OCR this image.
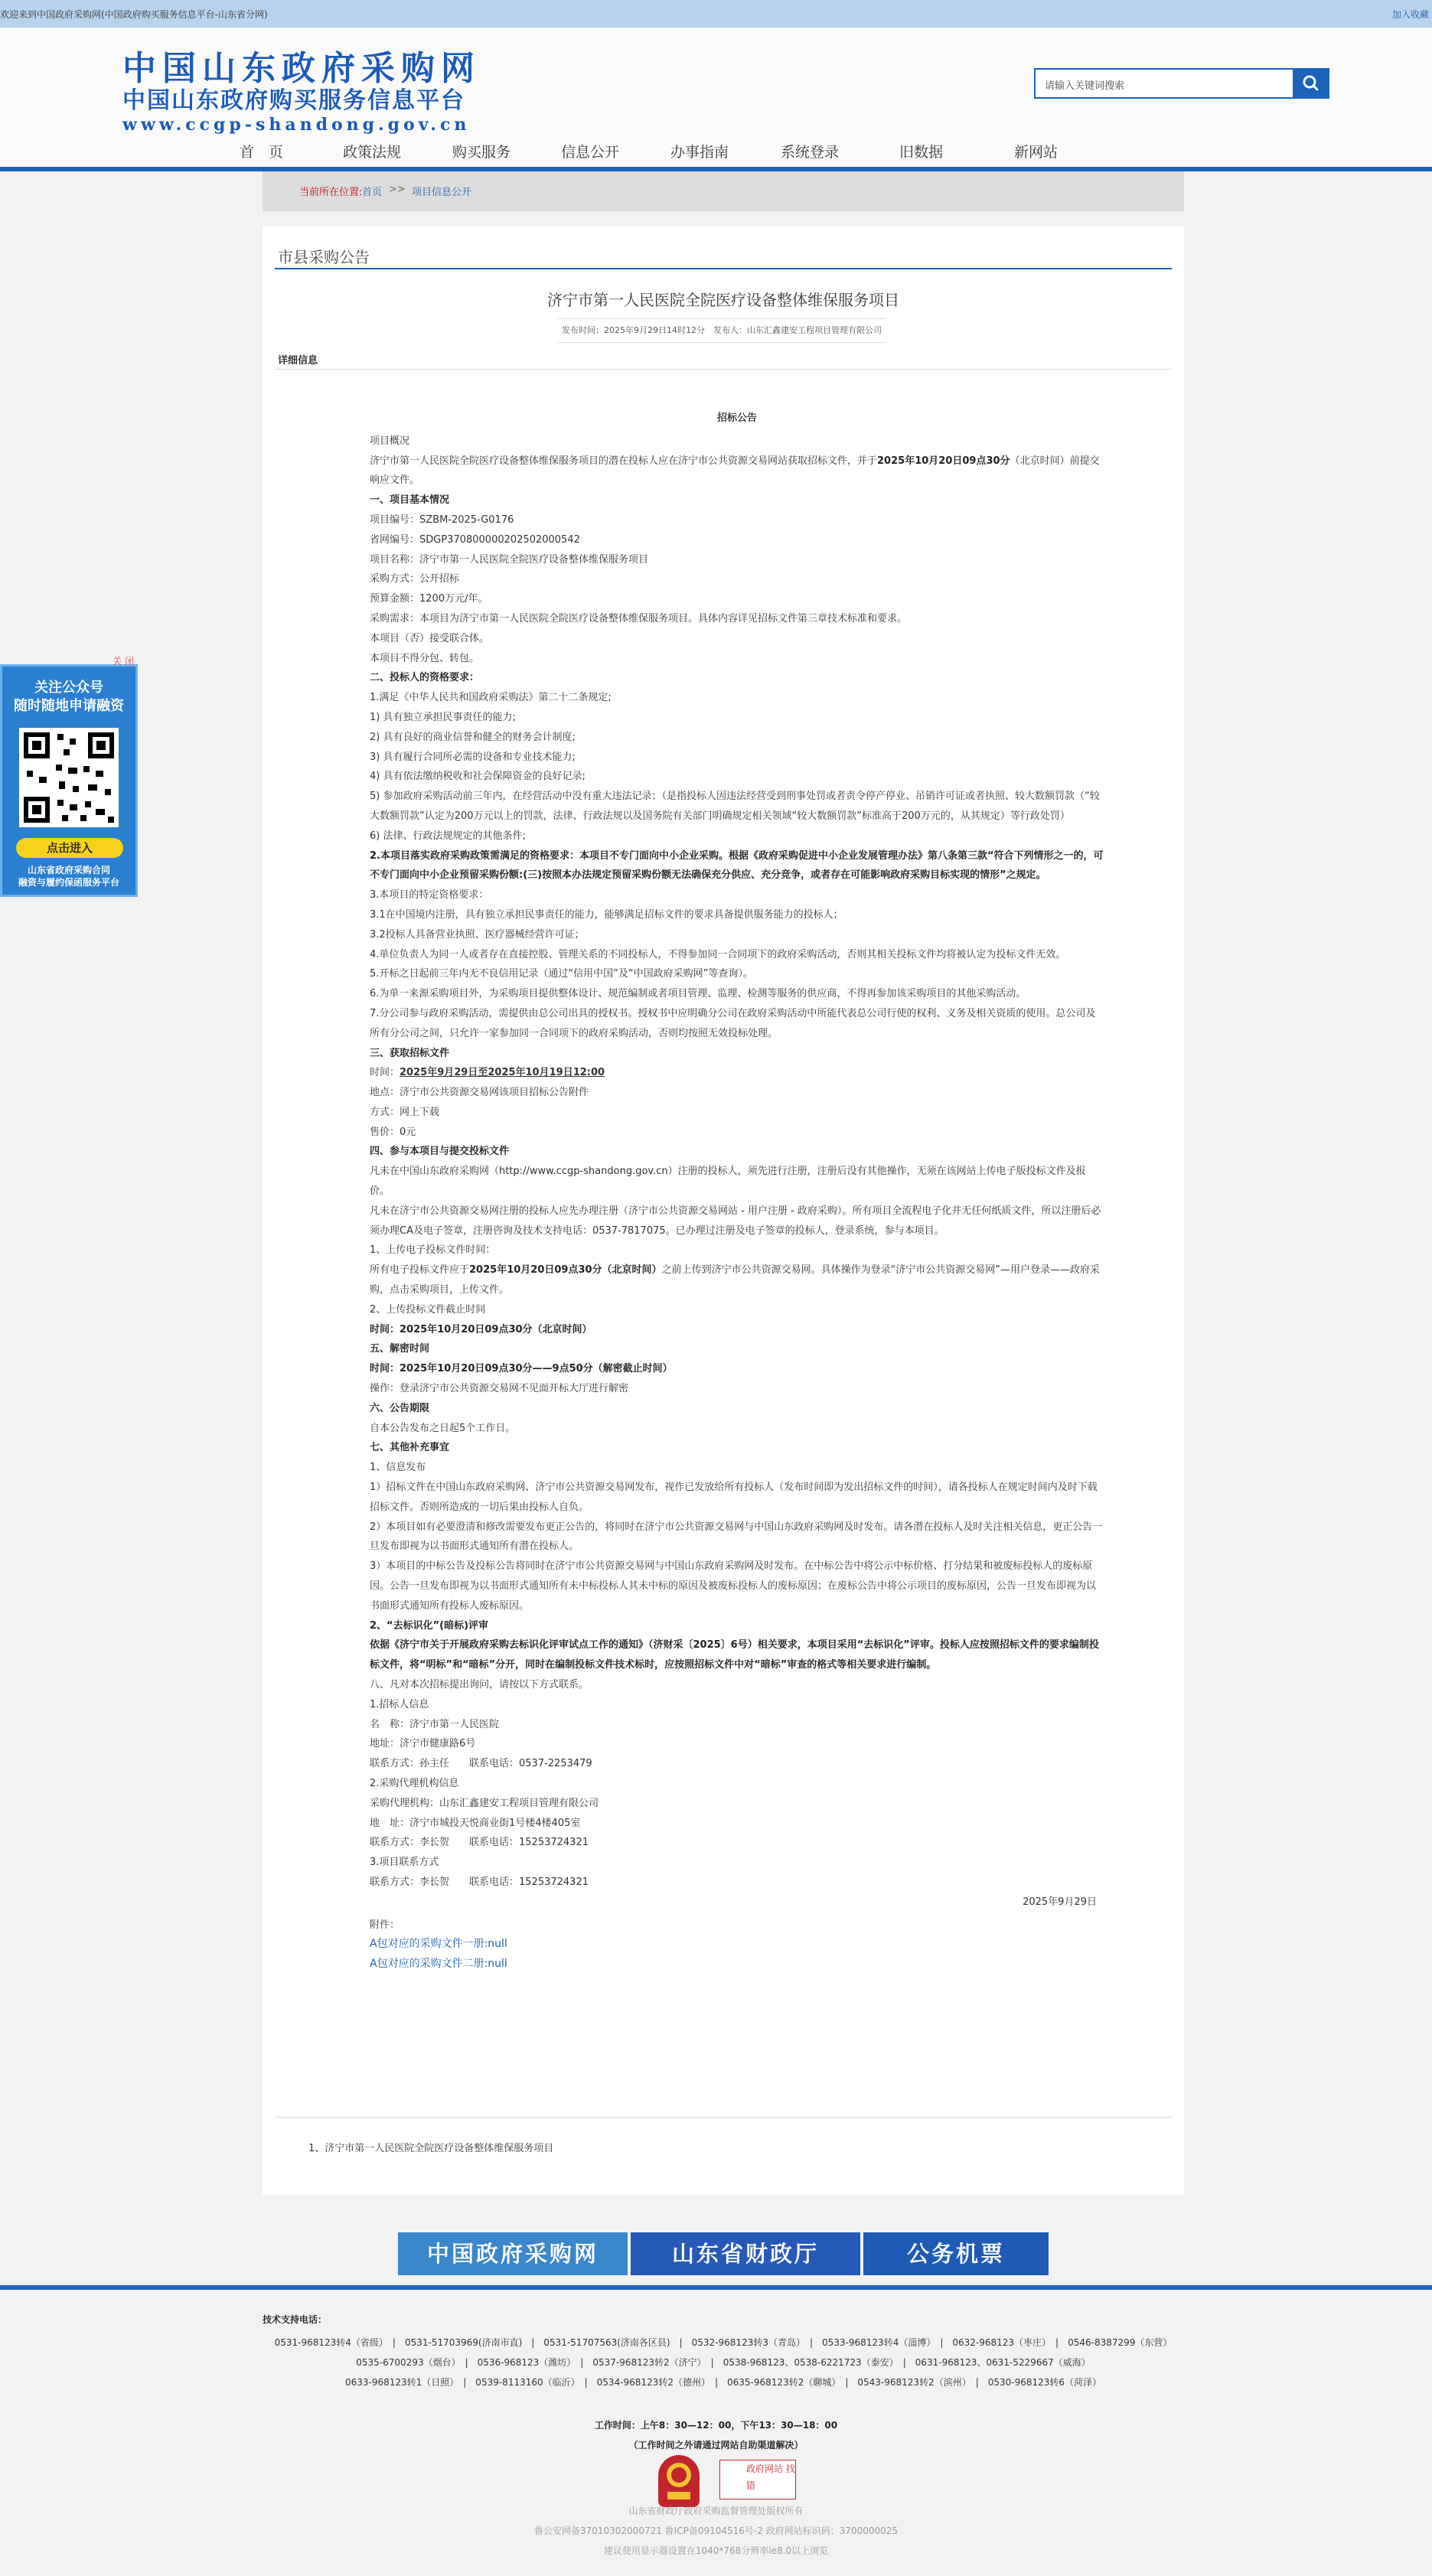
欢迎来到中国政府采购网(中国政府购买服务信息平台-山东省分网)	加入收藏
中国山东政府采购网
中国山东政府购买服务信息平台
www.ccgp-shandong.gov.cn
请输入关键词搜索
首　页	政策法规	购买服务	信息公开	办事指南	系统登录	旧数据	新网站
当前所在位置: 首页 >> 项目信息公开
市县采购公告
济宁市第一人民医院全院医疗设备整体维保服务项目
发布时间：2025年9月29日14时12分　发布人：山东汇鑫建安工程项目管理有限公司
详细信息
招标公告

项目概况

济宁市第一人民医院全院医疗设备整体维保服务项目的潜在投标人应在济宁市公共资源交易网站获取招标文件，并于2025年10月20日09点30分（北京时间）前提交响应文件。

一、项目基本情况

项目编号：SZBM-2025-G0176

省网编号：SDGP370800000202502000542

项目名称：济宁市第一人民医院全院医疗设备整体维保服务项目

采购方式：公开招标

预算金额：1200万元/年。

采购需求：本项目为济宁市第一人民医院全院医疗设备整体维保服务项目。具体内容详见招标文件第三章技术标准和要求。

本项目（否）接受联合体。

本项目不得分包、转包。

二、投标人的资格要求：

1.满足《中华人民共和国政府采购法》第二十二条规定;

1) 具有独立承担民事责任的能力;

2) 具有良好的商业信誉和健全的财务会计制度;

3) 具有履行合同所必需的设备和专业技术能力;

4) 具有依法缴纳税收和社会保障资金的良好记录;

5) 参加政府采购活动前三年内，在经营活动中没有重大违法记录；（是指投标人因违法经营受到刑事处罚或者责令停产停业、吊销许可证或者执照、较大数额罚款（“较大数额罚款”认定为200万元以上的罚款，法律、行政法规以及国务院有关部门明确规定相关领域“较大数额罚款”标准高于200万元的，从其规定）等行政处罚）

6) 法律、行政法规规定的其他条件;

2.本项目落实政府采购政策需满足的资格要求：本项目不专门面向中小企业采购。根据《政府采购促进中小企业发展管理办法》第八条第三款“符合下列情形之一的，可不专门面向中小企业预留采购份额:(三)按照本办法规定预留采购份额无法确保充分供应、充分竞争，或者存在可能影响政府采购目标实现的情形”之规定。

3.本项目的特定资格要求：

3.1在中国境内注册，具有独立承担民事责任的能力，能够满足招标文件的要求具备提供服务能力的投标人；

3.2投标人具备营业执照、医疗器械经营许可证；

4.单位负责人为同一人或者存在直接控股、管理关系的不同投标人，不得参加同一合同项下的政府采购活动，否则其相关投标文件均将被认定为投标文件无效。

5.开标之日起前三年内无不良信用记录（通过“信用中国”及“中国政府采购网”等查询）。

6.为单一来源采购项目外，为采购项目提供整体设计、规范编制或者项目管理、监理、检测等服务的供应商，不得再参加该采购项目的其他采购活动。

7.分公司参与政府采购活动，需提供由总公司出具的授权书。授权书中应明确分公司在政府采购活动中所能代表总公司行使的权利、义务及相关资质的使用。总公司及所有分公司之间，只允许一家参加同一合同项下的政府采购活动，否则均按照无效投标处理。

三、获取招标文件

时间：2025年9月29日至2025年10月19日12:00

地点：济宁市公共资源交易网该项目招标公告附件

方式：网上下载

售价：0元

四、参与本项目与提交投标文件

凡未在中国山东政府采购网（http://www.ccgp-shandong.gov.cn）注册的投标人，须先进行注册，注册后没有其他操作，无须在该网站上传电子版投标文件及报价。

凡未在济宁市公共资源交易网注册的投标人应先办理注册（济宁市公共资源交易网站 - 用户注册 - 政府采购）。所有项目全流程电子化并无任何纸质文件，所以注册后必须办理CA及电子签章，注册咨询及技术支持电话：0537-7817075。已办理过注册及电子签章的投标人，登录系统，参与本项目。

1、上传电子投标文件时间：

所有电子投标文件应于2025年10月20日09点30分（北京时间）之前上传到济宁市公共资源交易网。具体操作为登录“济宁市公共资源交易网”—用户登录——政府采购，点击采购项目，上传文件。

2、上传投标文件截止时间

时间：2025年10月20日09点30分（北京时间）

五、解密时间

时间：2025年10月20日09点30分——9点50分（解密截止时间）

操作：登录济宁市公共资源交易网不见面开标大厅进行解密

六、公告期限

自本公告发布之日起5个工作日。

七、其他补充事宜

1、信息发布

1）招标文件在中国山东政府采购网、济宁市公共资源交易网发布，视作已发放给所有投标人（发布时间即为发出招标文件的时间），请各投标人在规定时间内及时下载招标文件。否则所造成的一切后果由投标人自负。

2）本项目如有必要澄清和修改需要发布更正公告的，将同时在济宁市公共资源交易网与中国山东政府采购网及时发布。请各潜在投标人及时关注相关信息，更正公告一旦发布即视为以书面形式通知所有潜在投标人。

3）本项目的中标公告及投标公告将同时在济宁市公共资源交易网与中国山东政府采购网及时发布。在中标公告中将公示中标价格、打分结果和被废标投标人的废标原因。公告一旦发布即视为以书面形式通知所有未中标投标人其未中标的原因及被废标投标人的废标原因；在废标公告中将公示项目的废标原因，公告一旦发布即视为以书面形式通知所有投标人废标原因。

2、“去标识化”(暗标)评审

依据《济宁市关于开展政府采购去标识化评审试点工作的通知》（济财采〔2025〕6号）相关要求，本项目采用“去标识化”评审。投标人应按照招标文件的要求编制投标文件，将“明标”和“暗标”分开，同时在编制投标文件技术标时，应按照招标文件中对“暗标”审查的格式等相关要求进行编制。

八、凡对本次招标提出询问，请按以下方式联系。

1.招标人信息

名　称：济宁市第一人民医院

地址：济宁市健康路6号

联系方式：孙主任　　联系电话：0537-2253479

2.采购代理机构信息

采购代理机构：山东汇鑫建安工程项目管理有限公司

地　址：济宁市城投天悦商业街1号楼4楼405室

联系方式：李长贺　　联系电话：15253724321

3.项目联系方式

联系方式：李长贺　　联系电话：15253724321

2025年9月29日

附件：

A包对应的采购文件一册:null

A包对应的采购文件二册:null

1、济宁市第一人民医院全院医疗设备整体维保服务项目
关 闭
关注公众号
随时随地申请融资
点击进入
山东省政府采购合同
融资与履约保函服务平台
中国政府采购网	山东省财政厅	公务机票
技术支持电话：
0531-968123转4（省级）　|　0531-51703969(济南市直)　|　0531-51707563(济南各区县)　|　0532-968123转3（青岛）　|　0533-968123转4（淄博）　|　0632-968123（枣庄）　|　0546-8387299（东营）
0535-6700293（烟台）　|　0536-968123（潍坊）　|　0537-968123转2（济宁）　|　0538-968123、0538-6221723（泰安）　|　0631-968123、0631-5229667（威海）
0633-968123转1（日照）　|　0539-8113160（临沂）　|　0534-968123转2（德州）　|　0635-968123转2（聊城）　|　0543-968123转2（滨州）　|　0530-968123转6（菏泽）
工作时间：上午8：30—12：00，下午13：30—18：00
（工作时间之外请通过网站自助渠道解决）
政府网站 找错
山东省财政厅政府采购监督管理处版权所有
鲁公安网备37010302000721 鲁ICP备09104516号-2 政府网站标识码：3700000025
建议使用显示器设置在1040*768分辨率ie8.0以上浏览
